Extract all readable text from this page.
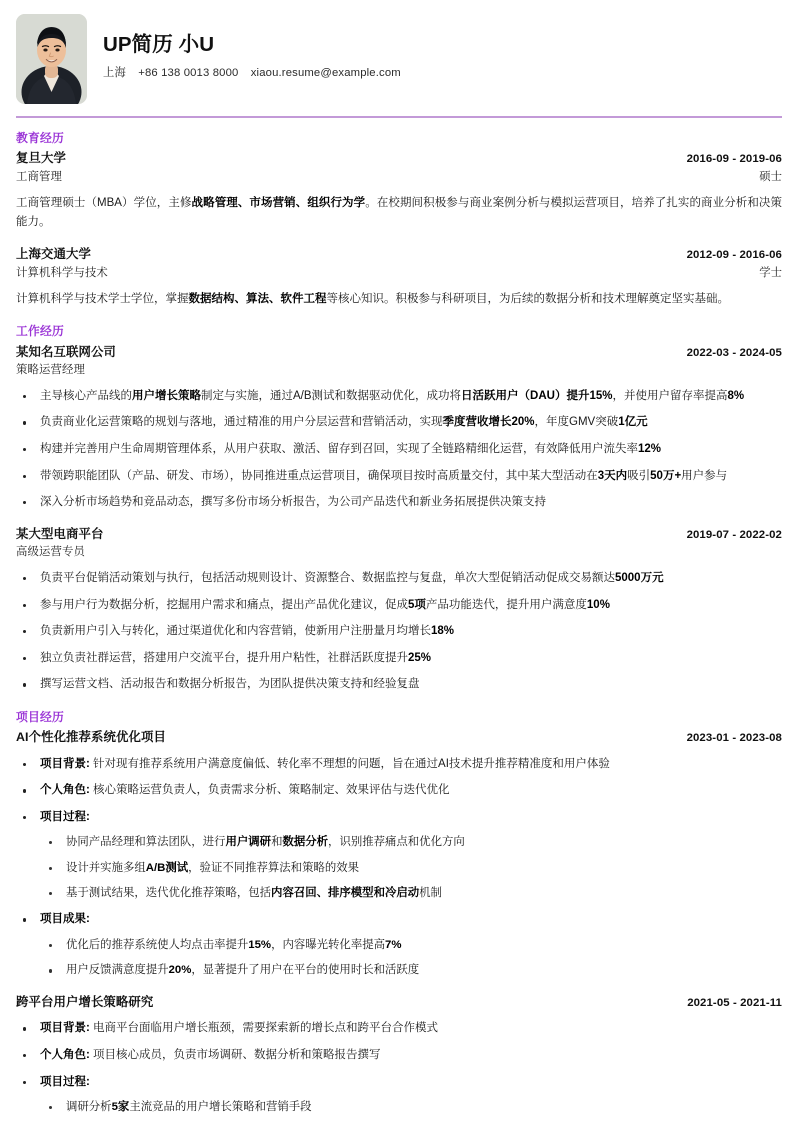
UP简历 小U
上海 +86 138 0013 8000 xiaou.resume@example.com
教育经历
复旦大学	2016-09 - 2019-06
工商管理	硕士
工商管理硕士（MBA）学位，主修战略管理、市场营销、组织行为学。在校期间积极参与商业案例分析与模拟运营项目，培养了扎实的商业分析和决策能力。
上海交通大学	2012-09 - 2016-06
计算机科学与技术	学士
计算机科学与技术学士学位，掌握数据结构、算法、软件工程等核心知识。积极参与科研项目，为后续的数据分析和技术理解奠定坚实基础。
工作经历
某知名互联网公司	2022-03 - 2024-05
策略运营经理
主导核心产品线的用户增长策略制定与实施，通过A/B测试和数据驱动优化，成功将日活跃用户（DAU）提升15%，并使用户留存率提高8%
负责商业化运营策略的规划与落地，通过精准的用户分层运营和营销活动，实现季度营收增长20%，年度GMV突破1亿元
构建并完善用户生命周期管理体系，从用户获取、激活、留存到召回，实现了全链路精细化运营，有效降低用户流失率12%
带领跨职能团队（产品、研发、市场），协同推进重点运营项目，确保项目按时高质量交付，其中某大型活动在3天内吸引50万+用户参与
深入分析市场趋势和竞品动态，撰写多份市场分析报告，为公司产品迭代和新业务拓展提供决策支持
某大型电商平台	2019-07 - 2022-02
高级运营专员
负责平台促销活动策划与执行，包括活动规则设计、资源整合、数据监控与复盘，单次大型促销活动促成交易额达5000万元
参与用户行为数据分析，挖掘用户需求和痛点，提出产品优化建议，促成5项产品功能迭代，提升用户满意度10%
负责新用户引入与转化，通过渠道优化和内容营销，使新用户注册量月均增长18%
独立负责社群运营，搭建用户交流平台，提升用户粘性，社群活跃度提升25%
撰写运营文档、活动报告和数据分析报告，为团队提供决策支持和经验复盘
项目经历
AI个性化推荐系统优化项目	2023-01 - 2023-08
项目背景: 针对现有推荐系统用户满意度偏低、转化率不理想的问题，旨在通过AI技术提升推荐精准度和用户体验
个人角色: 核心策略运营负责人，负责需求分析、策略制定、效果评估与迭代优化
项目过程:
协同产品经理和算法团队，进行用户调研和数据分析，识别推荐痛点和优化方向
设计并实施多组A/B测试，验证不同推荐算法和策略的效果
基于测试结果，迭代优化推荐策略，包括内容召回、排序模型和冷启动机制
项目成果:
优化后的推荐系统使人均点击率提升15%，内容曝光转化率提高7%
用户反馈满意度提升20%，显著提升了用户在平台的使用时长和活跃度
跨平台用户增长策略研究	2021-05 - 2021-11
项目背景: 电商平台面临用户增长瓶颈，需要探索新的增长点和跨平台合作模式
个人角色: 项目核心成员，负责市场调研、数据分析和策略报告撰写
项目过程:
调研分析5家主流竞品的用户增长策略和营销手段
